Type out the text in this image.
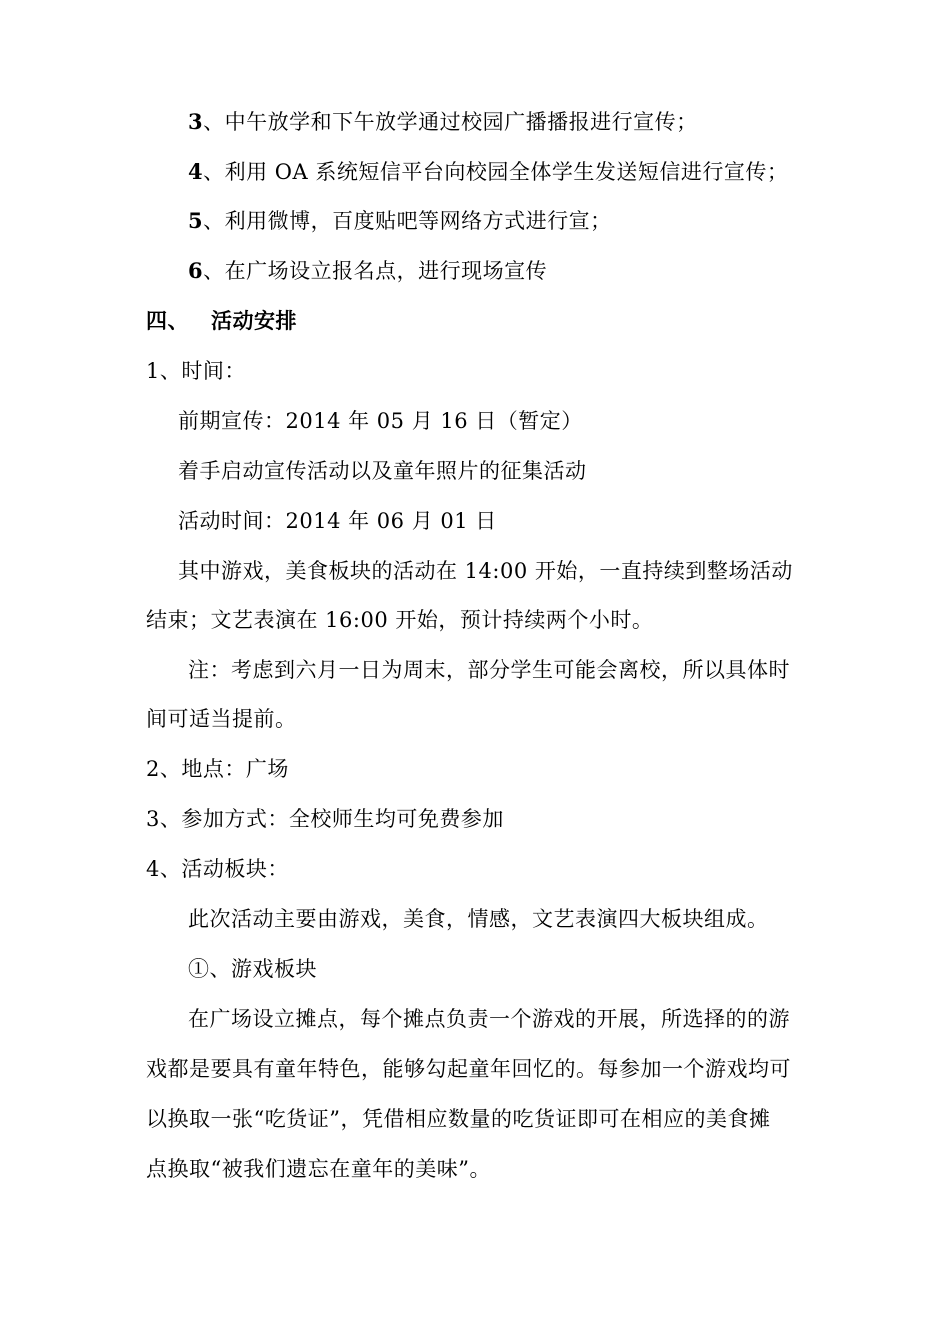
3、中午放学和下午放学通过校园广播播报进行宣传；
4、利用 OA 系统短信平台向校园全体学生发送短信进行宣传；
5、利用微博，百度贴吧等网络方式进行宣；
6、在广场设立报名点，进行现场宣传
四、 活动安排
1、时间：
前期宣传：2014 年 05 月 16 日（暂定）
着手启动宣传活动以及童年照片的征集活动
活动时间：2014 年 06 月 01 日
其中游戏，美食板块的活动在 14:00 开始，一直持续到整场活动
结束；文艺表演在 16:00 开始，预计持续两个小时。
注：考虑到六月一日为周末，部分学生可能会离校，所以具体时
间可适当提前。
2、地点：广场
3、参加方式：全校师生均可免费参加
4、活动板块：
此次活动主要由游戏，美食，情感，文艺表演四大板块组成。
①、游戏板块
在广场设立摊点，每个摊点负责一个游戏的开展，所选择的的游
戏都是要具有童年特色，能够勾起童年回忆的。每参加一个游戏均可
以换取一张“吃货证”，凭借相应数量的吃货证即可在相应的美食摊
点换取“被我们遗忘在童年的美味”。
